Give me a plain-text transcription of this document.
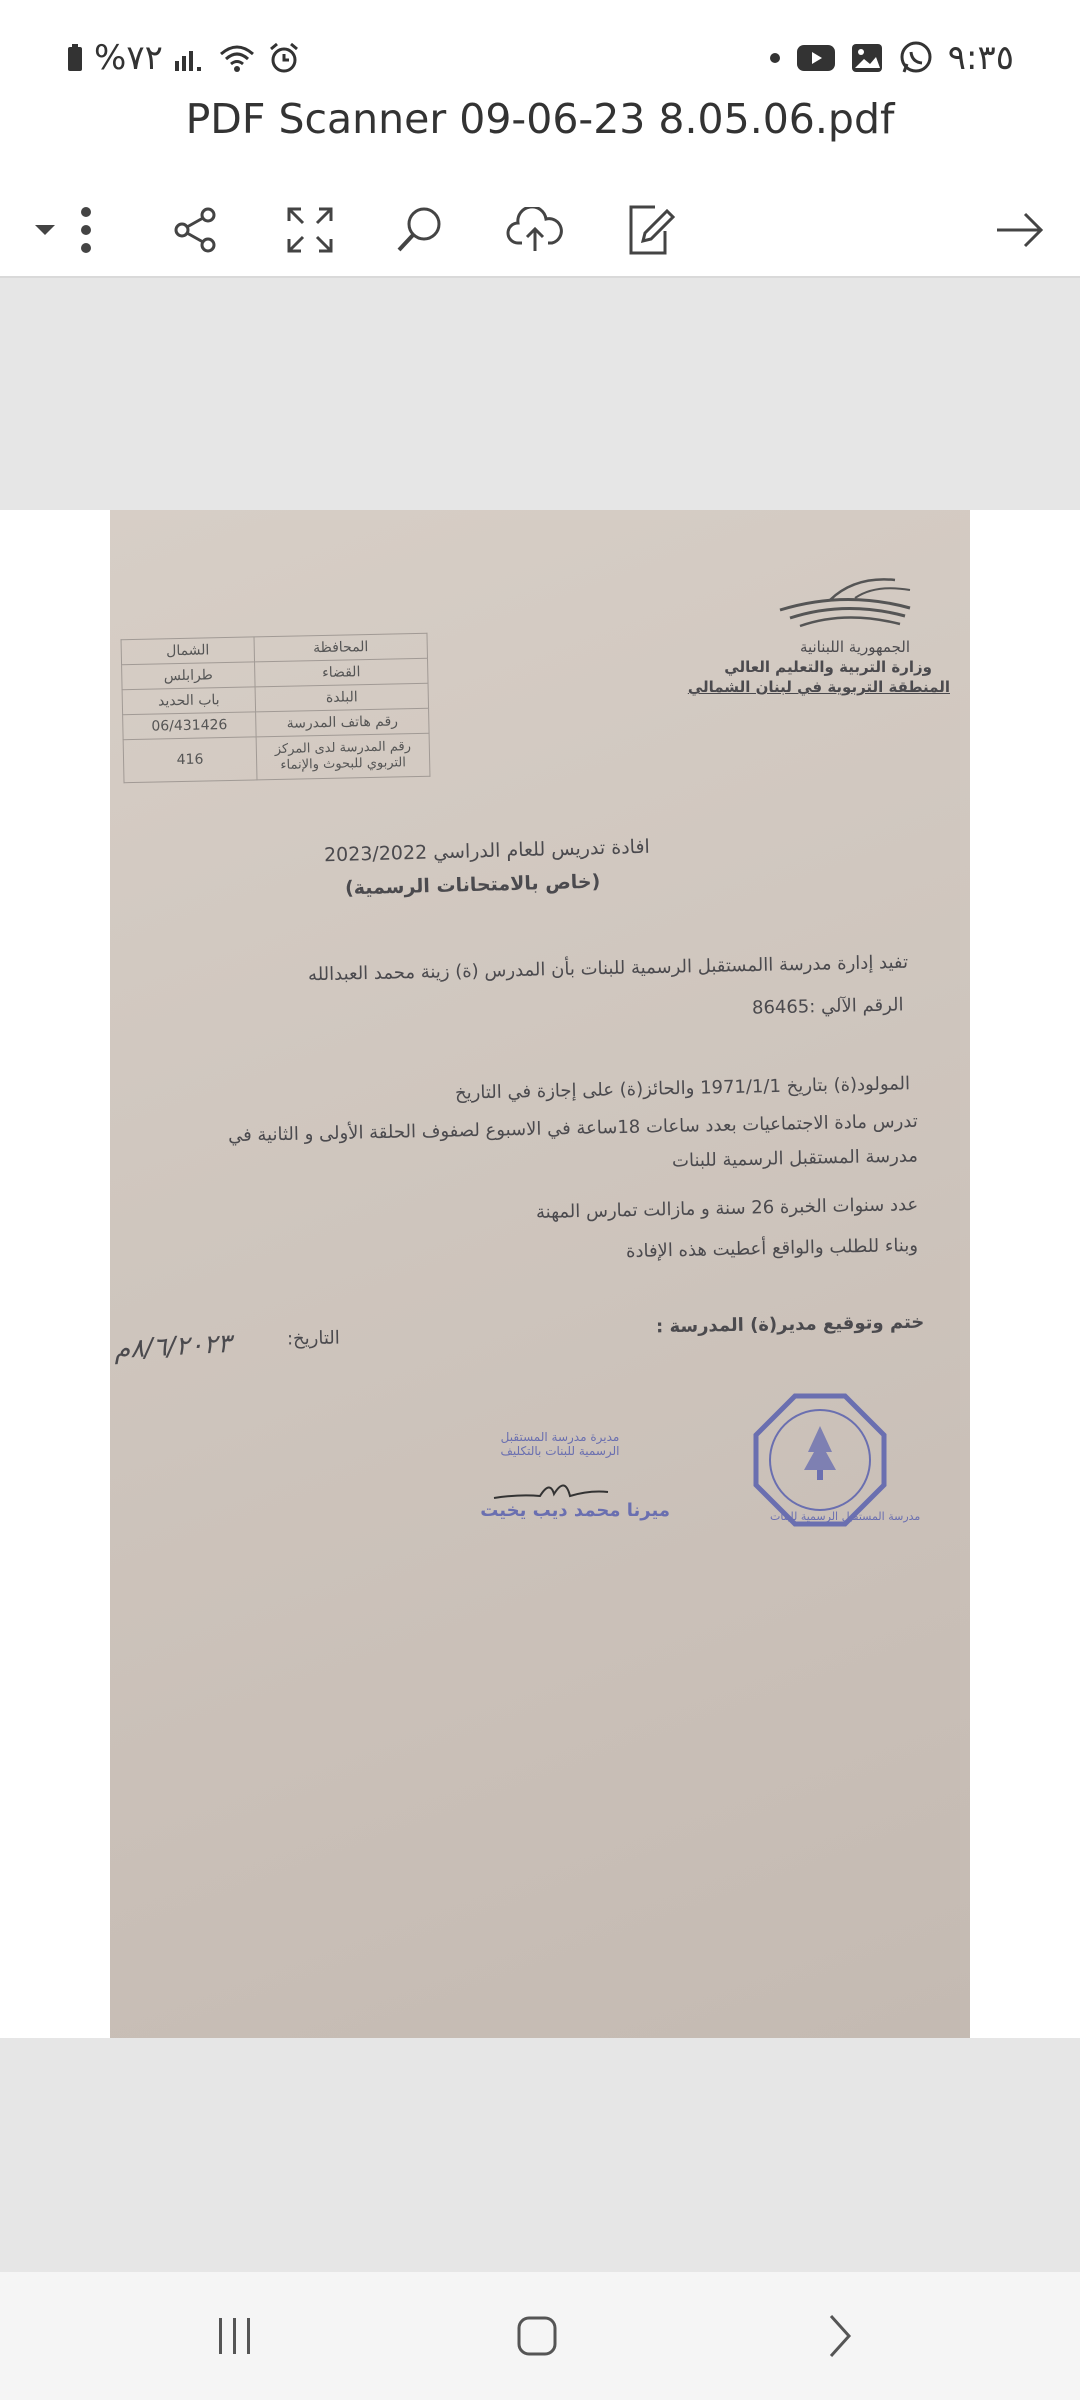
%٧٢	٩:٣٥
PDF Scanner 09-06-23 8.05.06.pdf
الجمهورية اللبنانية
وزارة التربية والتعليم العالي
المنطقة التربوية في لبنان الشمالي
الشمال	المحافظة
طرابلس	القضاء
باب الحديد	البلدة
06/431426	رقم هاتف المدرسة
416	رقم المدرسة لدى المركز التربوي للبحوث والإنماء
افادة تدريس للعام الدراسي 2023/2022
(خاص بالامتحانات الرسمية)
تفيد إدارة مدرسة االمستقبل الرسمية للبنات بأن المدرس (ة) زينة محمد العبدالله
الرقم الآلي :86465
المولود(ة) بتاريخ 1971/1/1 والحائز(ة) على إجازة في التاريخ
تدرس مادة الاجتماعيات بعدد ساعات 18ساعة في الاسبوع لصفوف الحلقة الأولى و الثانية في
مدرسة المستقبل الرسمية للبنات
عدد سنوات الخبرة 26 سنة و مازالت تمارس المهنة
وبناء للطلب والواقع أعطيت هذه الإفادة
ختم وتوقيع مدير(ة) المدرسة :
التاريخ:
٨/٦/٢٠٢٣م
مدرسة المستقبل الرسمية للبنات
مديرة مدرسة المستقبل الرسمية للبنات بالتكليف
ميرنا محمد ديب يخيت
